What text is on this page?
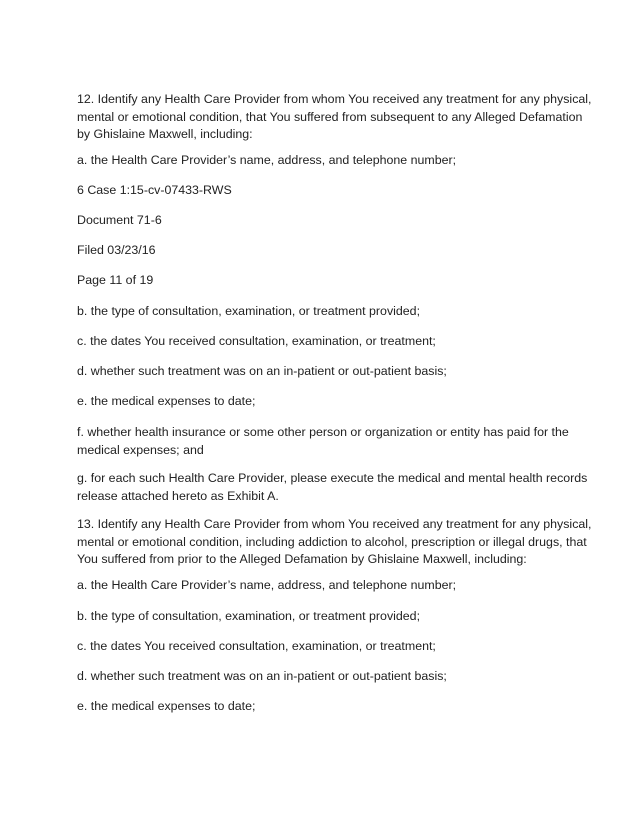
12. Identify any Health Care Provider from whom You received any treatment for any physical,
mental or emotional condition, that You suffered from subsequent to any Alleged Defamation
by Ghislaine Maxwell, including:

a. the Health Care Provider’s name, address, and telephone number;

6 Case 1:15-cv-07433-RWS

Document 71-6

Filed 03/23/16

Page 11 of 19

b. the type of consultation, examination, or treatment provided;

c. the dates You received consultation, examination, or treatment;

d. whether such treatment was on an in-patient or out-patient basis;

e. the medical expenses to date;

f. whether health insurance or some other person or organization or entity has paid for the
medical expenses; and

g. for each such Health Care Provider, please execute the medical and mental health records
release attached hereto as Exhibit A.

13. Identify any Health Care Provider from whom You received any treatment for any physical,
mental or emotional condition, including addiction to alcohol, prescription or illegal drugs, that
You suffered from prior to the Alleged Defamation by Ghislaine Maxwell, including:

a. the Health Care Provider’s name, address, and telephone number;

b. the type of consultation, examination, or treatment provided;

c. the dates You received consultation, examination, or treatment;

d. whether such treatment was on an in-patient or out-patient basis;

e. the medical expenses to date;
